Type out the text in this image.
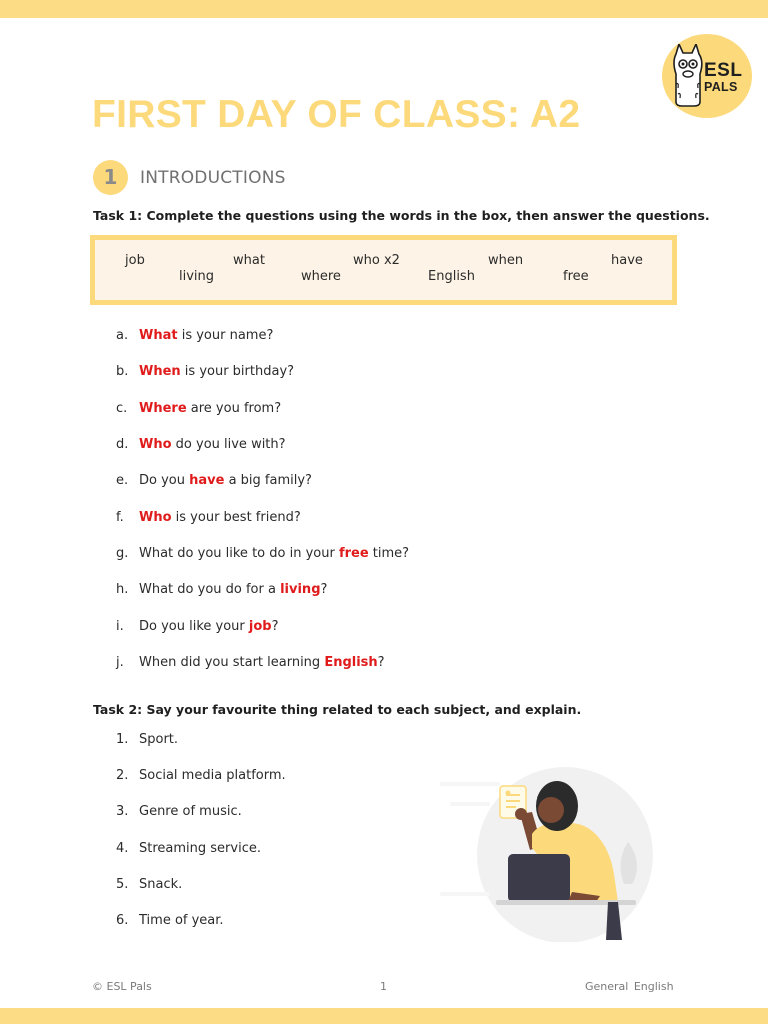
ESL
PALS
FIRST DAY OF CLASS: A2
1	INTRODUCTIONS
Task 1: Complete the questions using the words in the box, then answer the questions.
job	what	who x2	when	have
living	where	English	free
a. What is your name?
b. When is your birthday?
c. Where are you from?
d. Who do you live with?
e. Do you have a big family?
f. Who is your best friend?
g. What do you like to do in your free time?
h. What do you do for a living?
i. Do you like your job?
j. When did you start learning English?
Task 2: Say your favourite thing related to each subject, and explain.
1. Sport.
2. Social media platform.
3. Genre of music.
4. Streaming service.
5. Snack.
6. Time of year.
© ESL Pals	1	General English
